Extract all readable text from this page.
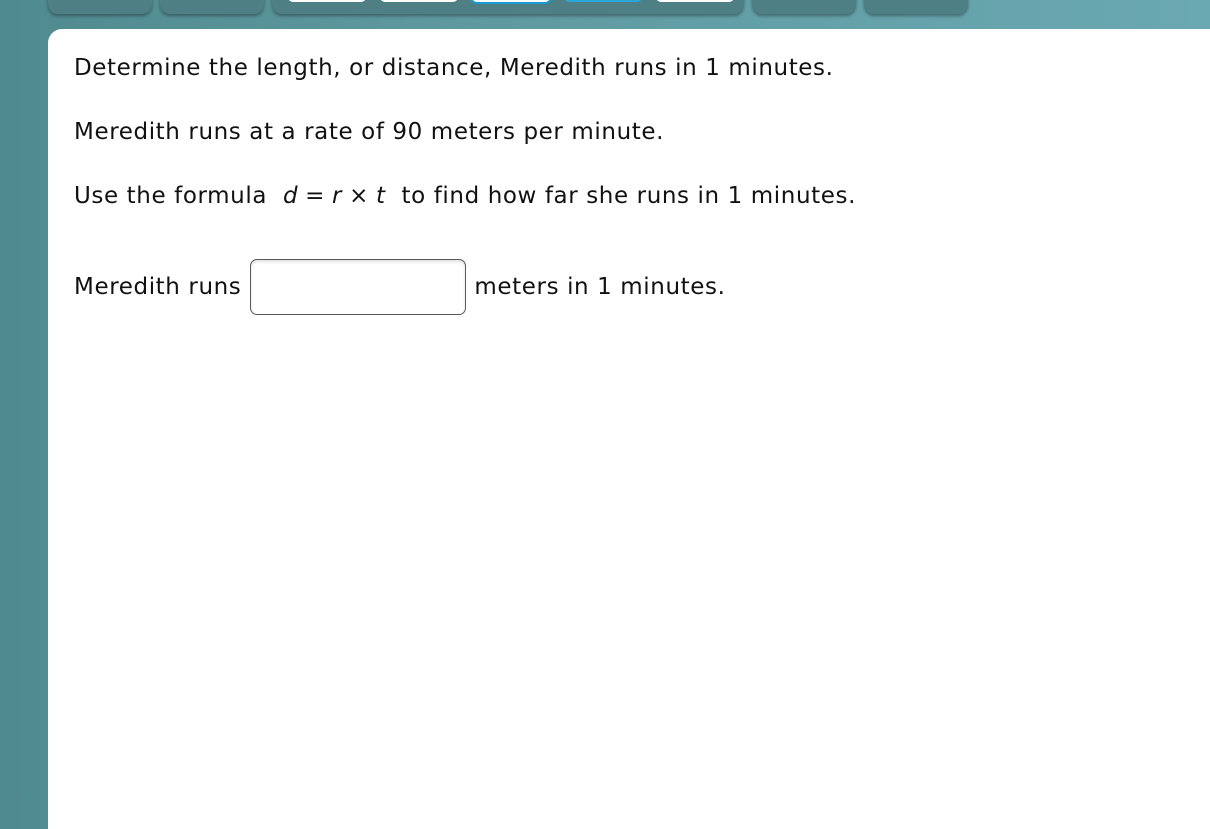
Determine the length, or distance, Meredith runs in 1 minutes.
Meredith runs at a rate of 90 meters per minute.
Use the formula d = r × t to find how far she runs in 1 minutes.
Meredith runs	meters in 1 minutes.
